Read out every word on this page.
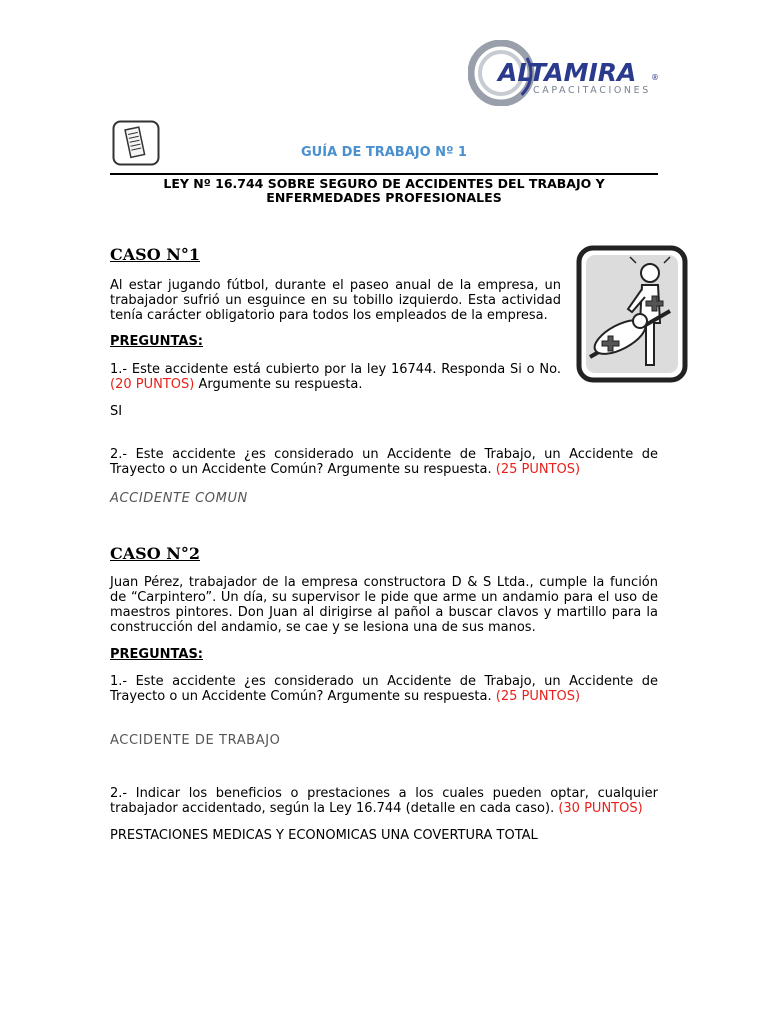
ALTAMIRA ®
CAPACITACIONES
GUÍA DE TRABAJO Nº 1
LEY Nº 16.744 SOBRE SEGURO DE ACCIDENTES DEL TRABAJO Y
ENFERMEDADES PROFESIONALES
CASO N°1
Al estar jugando fútbol, durante el paseo anual de la empresa, un trabajador sufrió un esguince en su tobillo izquierdo. Esta actividad tenía carácter obligatorio para todos los empleados de la empresa.
PREGUNTAS:
1.- Este accidente está cubierto por la ley 16744. Responda Si o No. (20 PUNTOS) Argumente su respuesta.
SI
2.- Este accidente ¿es considerado un Accidente de Trabajo, un Accidente de Trayecto o un Accidente Común? Argumente su respuesta. (25 PUNTOS)
ACCIDENTE COMUN
CASO N°2
Juan Pérez, trabajador de la empresa constructora D & S Ltda., cumple la función de “Carpintero”. Un día, su supervisor le pide que arme un andamio para el uso de maestros pintores. Don Juan al dirigirse al pañol a buscar clavos y martillo para la construcción del andamio, se cae y se lesiona una de sus manos.
PREGUNTAS:
1.- Este accidente ¿es considerado un Accidente de Trabajo, un Accidente de Trayecto o un Accidente Común? Argumente su respuesta. (25 PUNTOS)
ACCIDENTE DE TRABAJO
2.- Indicar los beneficios o prestaciones a los cuales pueden optar, cualquier trabajador accidentado, según la Ley 16.744 (detalle en cada caso). (30 PUNTOS)
PRESTACIONES MEDICAS Y ECONOMICAS UNA COVERTURA TOTAL
